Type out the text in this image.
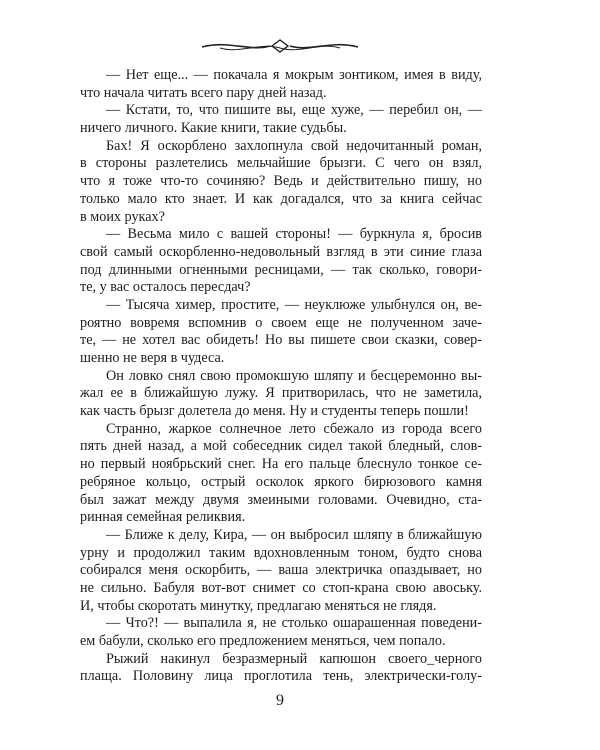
— Нет еще... — покачала я мокрым зонтиком, имея в виду,
что начала читать всего пару дней назад.
— Кстати, то, что пишите вы, еще хуже, — перебил он, —
ничего личного. Какие книги, такие судьбы.
Бах! Я оскорблено захлопнула свой недочитанный роман,
в стороны разлетелись мельчайшие брызги. С чего он взял,
что я тоже что-то сочиняю? Ведь и действительно пишу, но
только мало кто знает. И как догадался, что за книга сейчас
в моих руках?
— Весьма мило с вашей стороны! — буркнула я, бросив
свой самый оскорбленно-недовольный взгляд в эти синие глаза
под длинными огненными ресницами, — так сколько, говори-
те, у вас осталось пересдач?
— Тысяча химер, простите, — неуклюже улыбнулся он, ве-
роятно вовремя вспомнив о своем еще не полученном заче-
те, — не хотел вас обидеть! Но вы пишете свои сказки, совер-
шенно не веря в чудеса.
Он ловко снял свою промокшую шляпу и бесцеремонно вы-
жал ее в ближайшую лужу. Я притворилась, что не заметила,
как часть брызг долетела до меня. Ну и студенты теперь пошли!
Странно, жаркое солнечное лето сбежало из города всего
пять дней назад, а мой собеседник сидел такой бледный, слов-
но первый ноябрьский снег. На его пальце блеснуло тонкое се-
ребряное кольцо, острый осколок яркого бирюзового камня
был зажат между двумя змеиными головами. Очевидно, ста-
ринная семейная реликвия.
— Ближе к делу, Кира, — он выбросил шляпу в ближайшую
урну и продолжил таким вдохновленным тоном, будто снова
собирался меня оскорбить, — ваша электричка опаздывает, но
не сильно. Бабуля вот-вот снимет со стоп-крана свою авоську.
И, чтобы скоротать минутку, предлагаю меняться не глядя.
— Что?! — выпалила я, не столько ошарашенная поведени-
ем бабули, сколько его предложением меняться, чем попало.
Рыжий накинул безразмерный капюшон своего_черного
плаща. Половину лица проглотила тень, электрически-голу-
9
